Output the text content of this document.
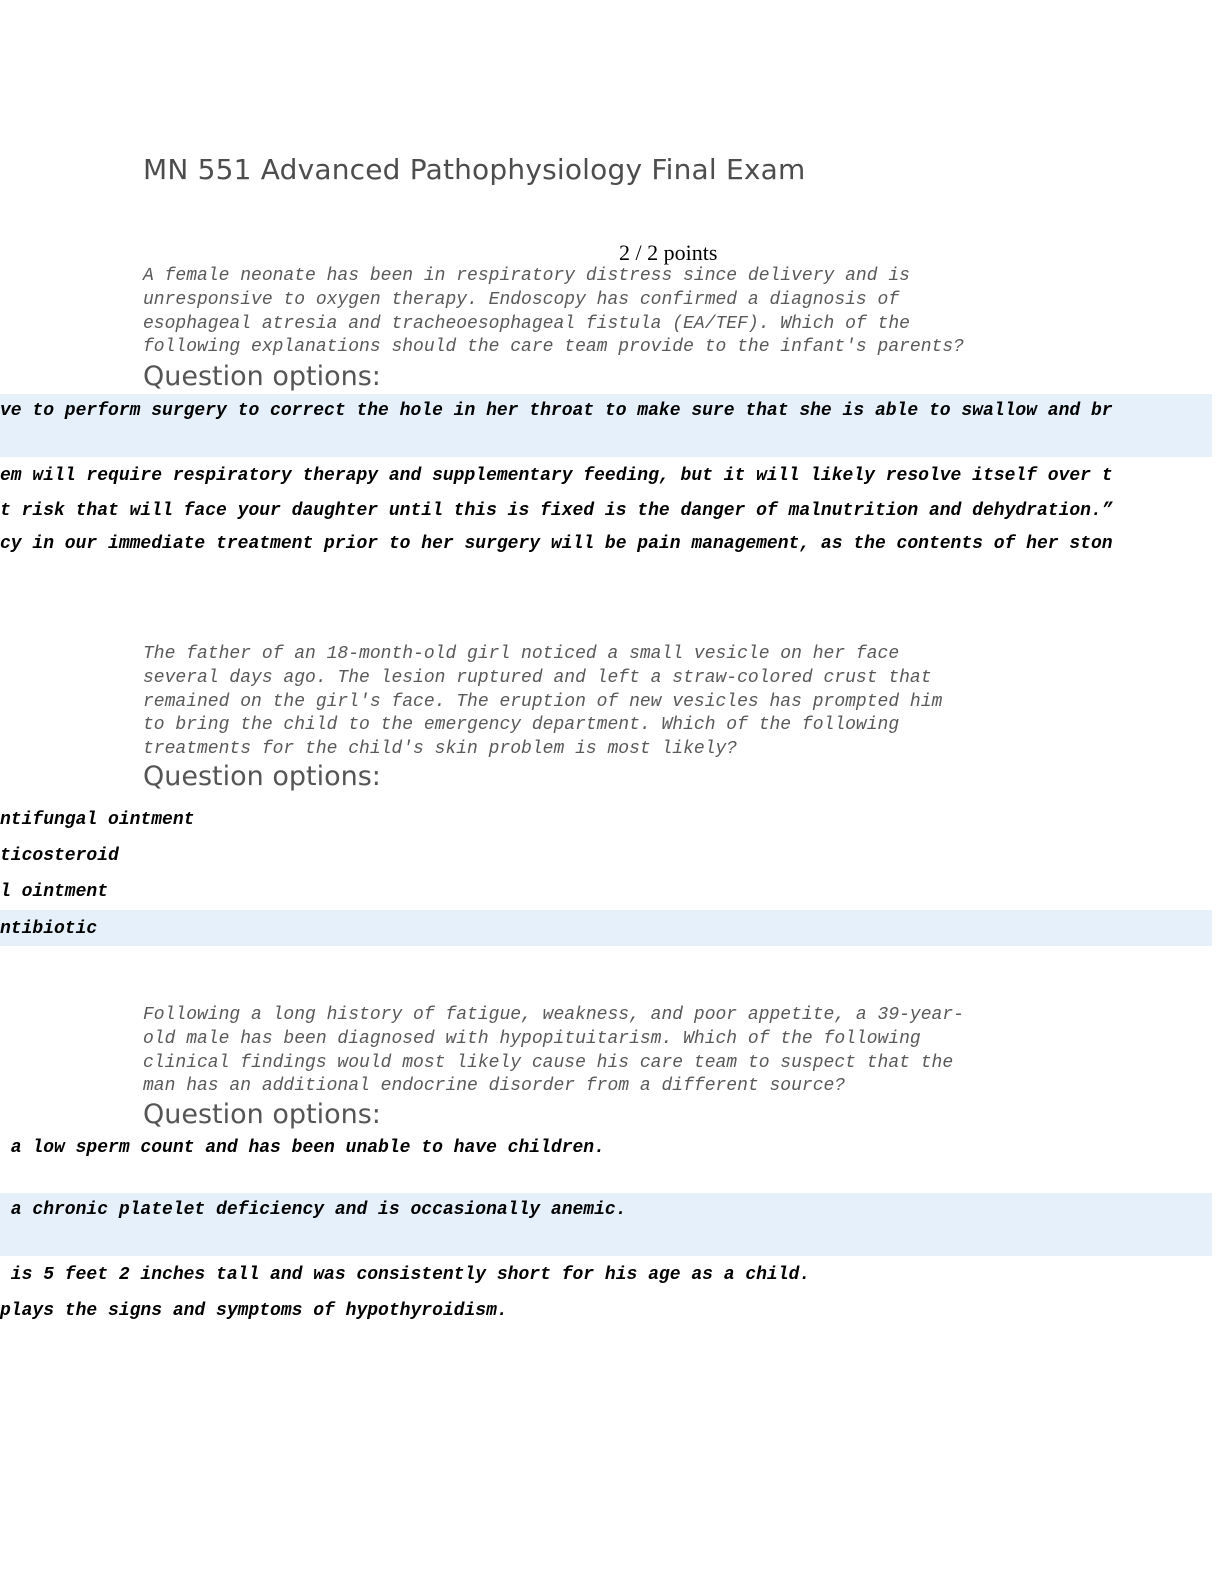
MN 551 Advanced Pathophysiology Final Exam
2 / 2 points
A female neonate has been in respiratory distress since delivery and is
unresponsive to oxygen therapy. Endoscopy has confirmed a diagnosis of
esophageal atresia and tracheoesophageal fistula (EA/TEF). Which of the
following explanations should the care team provide to the infant's parents?
Question options:
ve to perform surgery to correct the hole in her throat to make sure that she is able to swallow and br
em will require respiratory therapy and supplementary feeding, but it will likely resolve itself over t
t risk that will face your daughter until this is fixed is the danger of malnutrition and dehydration.”
cy in our immediate treatment prior to her surgery will be pain management, as the contents of her ston
The father of an 18-month-old girl noticed a small vesicle on her face
several days ago. The lesion ruptured and left a straw-colored crust that
remained on the girl's face. The eruption of new vesicles has prompted him
to bring the child to the emergency department. Which of the following
treatments for the child's skin problem is most likely?
Question options:
ntifungal ointment
ticosteroid
l ointment
ntibiotic
Following a long history of fatigue, weakness, and poor appetite, a 39-year-
old male has been diagnosed with hypopituitarism. Which of the following
clinical findings would most likely cause his care team to suspect that the
man has an additional endocrine disorder from a different source?
Question options:
a low sperm count and has been unable to have children.
a chronic platelet deficiency and is occasionally anemic.
is 5 feet 2 inches tall and was consistently short for his age as a child.
plays the signs and symptoms of hypothyroidism.
